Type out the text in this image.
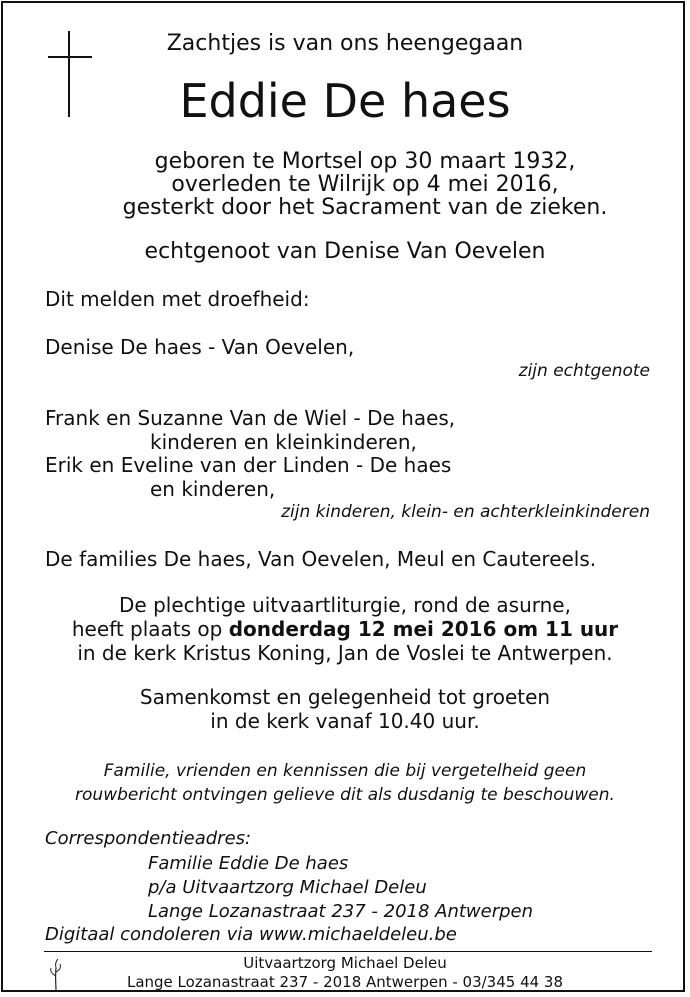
Zachtjes is van ons heengegaan
Eddie De haes
geboren te Mortsel op 30 maart 1932,
overleden te Wilrijk op 4 mei 2016,
gesterkt door het Sacrament van de zieken.
echtgenoot van Denise Van Oevelen
Dit melden met droefheid:
Denise De haes - Van Oevelen,
zijn echtgenote
Frank en Suzanne Van de Wiel - De haes,
kinderen en kleinkinderen,
Erik en Eveline van der Linden - De haes
en kinderen,
zijn kinderen, klein- en achterkleinkinderen
De families De haes, Van Oevelen, Meul en Cautereels.
De plechtige uitvaartliturgie, rond de asurne,
heeft plaats op donderdag 12 mei 2016 om 11 uur
in de kerk Kristus Koning, Jan de Voslei te Antwerpen.
Samenkomst en gelegenheid tot groeten
in de kerk vanaf 10.40 uur.
Familie, vrienden en kennissen die bij vergetelheid geen
rouwbericht ontvingen gelieve dit als dusdanig te beschouwen.
Correspondentieadres:
Familie Eddie De haes
p/a Uitvaartzorg Michael Deleu
Lange Lozanastraat 237 - 2018 Antwerpen
Digitaal condoleren via www.michaeldeleu.be
Uitvaartzorg Michael Deleu
Lange Lozanastraat 237 - 2018 Antwerpen - 03/345 44 38
